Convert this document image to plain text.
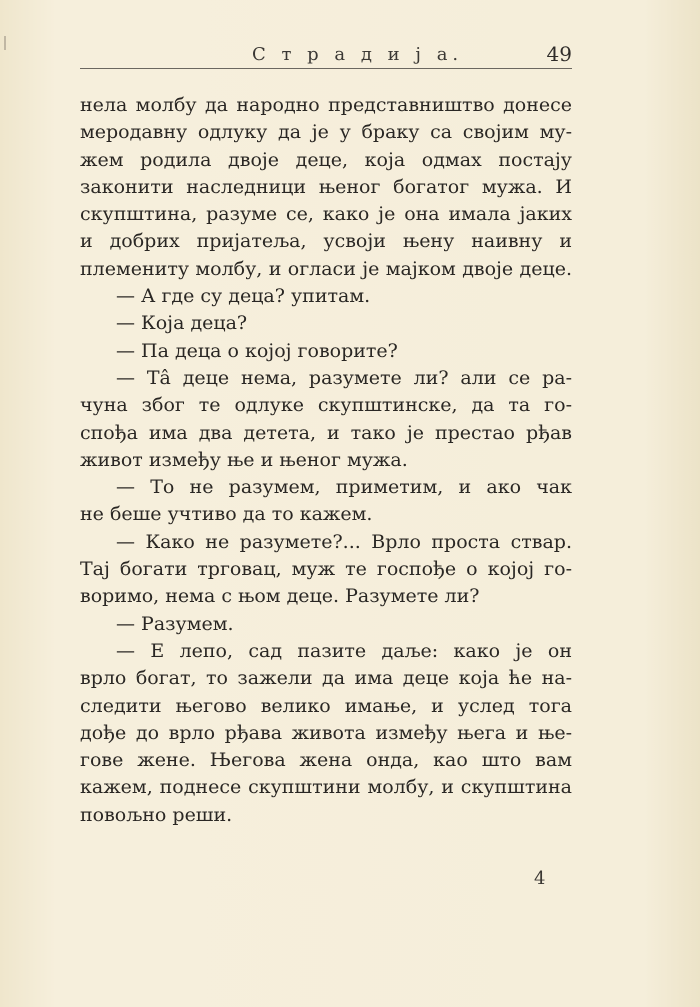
С т р а д и ј а.	49
нела молбу да народно представништво донесе
меродавну одлуку да је у браку са својим му-
жем родила двоје деце, која одмах постају
законити наследници њеног богатог мужа. И
скупштина, разуме се, како је она имала јаких
и добрих пријатеља, усвоји њену наивну и
племениту молбу, и огласи је мајком двоје деце.
— А где су деца? упитам.
— Која деца?
— Па деца о којој говорите?
— Та̂ деце нема, разумете ли? али се ра-
чуна због те одлуке скупштинске, да та го-
спођа има два детета, и тако је престао рђав
живот између ње и њеног мужа.
— То не разумем, приметим, и ако чак
не беше учтиво да то кажем.
— Како не разумете?... Врло проста ствар.
Тај богати трговац, муж те госпође о којој го-
воримо, нема с њом деце. Разумете ли?
— Разумем.
— Е лепо, сад пазите даље: како је он
врло богат, то зажели да има деце која ће на-
следити његово велико имање, и услед тога
дође до врло рђава живота између њега и ње-
гове жене. Његова жена онда, као што вам
кажем, поднесе скупштини молбу, и скупштина
повољно реши.
4
